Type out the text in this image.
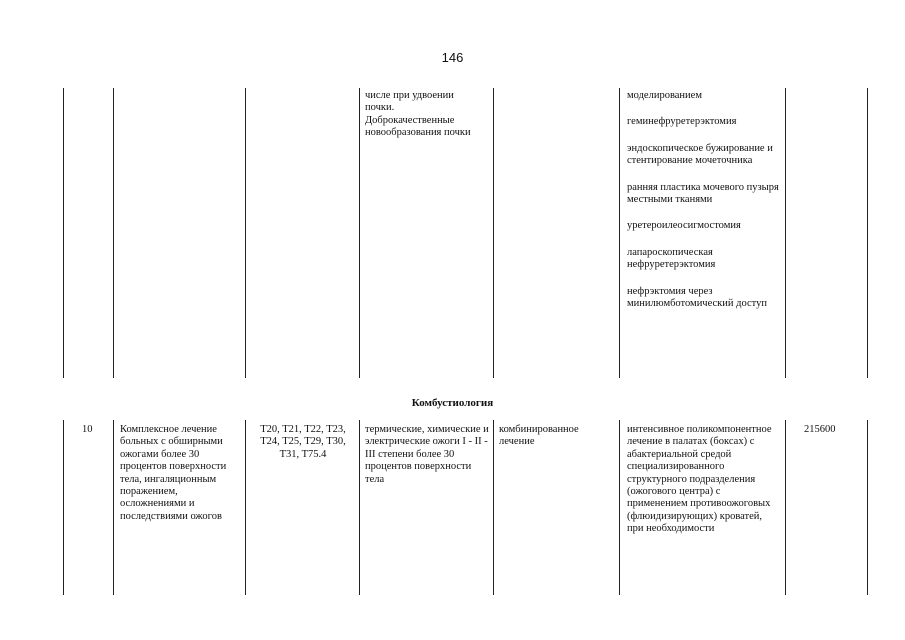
146
числе при удвоении почки. Доброкачественные новообразования почки
моделированием
геминефруретерэктомия
эндоскопическое бужирование и стентирование мочеточника
ранняя пластика мочевого пузыря местными тканями
уретероилеосигмостомия
лапароскопическая нефруретерэктомия
нефрэктомия через минилюмботомический доступ
Комбустиология
10	Комплексное лечение больных с обширными ожогами более 30 процентов поверхности тела, ингаляционным поражением, осложнениями и последствиями ожогов
T20, T21, T22, T23, T24, T25, T29, T30, T31, T75.4
термические, химические и электрические ожоги I - II - III степени более 30 процентов поверхности тела
комбинированное лечение
интенсивное поликомпонентное лечение в палатах (боксах) с абактериальной средой специализированного структурного подразделения (ожогового центра) с применением противоожоговых (флюидизирующих) кроватей, при необходимости
215600
